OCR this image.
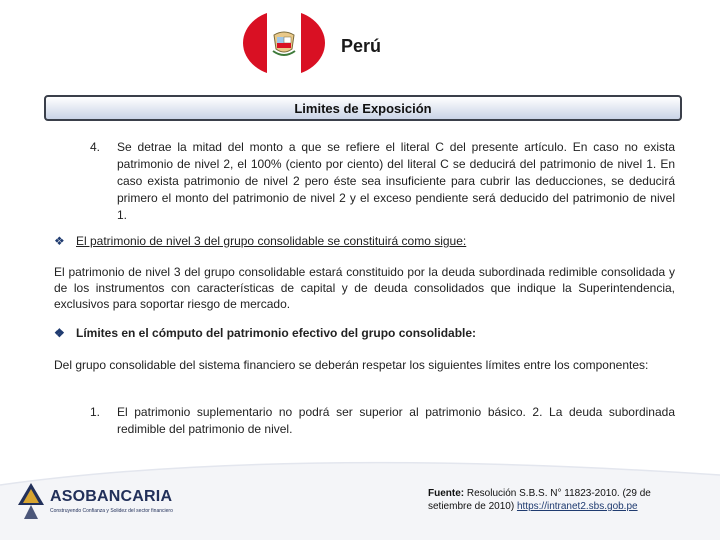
Perú
Limites de Exposición
4.	Se detrae la mitad del monto a que se refiere el literal C del presente artículo. En caso no exista patrimonio de nivel 2, el 100% (ciento por ciento) del literal C se deducirá del patrimonio de nivel 1. En caso exista patrimonio de nivel 2 pero éste sea insuficiente para cubrir las deducciones, se deducirá primero el monto del patrimonio de nivel 2 y el exceso pendiente será deducido del patrimonio de nivel 1.
❖ El patrimonio de nivel 3 del grupo consolidable se constituirá como sigue:
El patrimonio de nivel 3 del grupo consolidable estará constituido por la deuda subordinada redimible consolidada y de los instrumentos con características de capital y de deuda consolidados que indique la Superintendencia, exclusivos para soportar riesgo de mercado.
❖ Límites en el cómputo del patrimonio efectivo del grupo consolidable:
Del grupo consolidable del sistema financiero se deberán respetar los siguientes límites entre los componentes:
1.	El patrimonio suplementario no podrá ser superior al patrimonio básico. 2. La deuda subordinada redimible del patrimonio de nivel.
ASOBANCARIA
Construyendo Confianza y Solidez del sector financiero
Fuente: Resolución S.B.S. N° 11823-2010. (29 de setiembre de 2010) https://intranet2.sbs.gob.pe
